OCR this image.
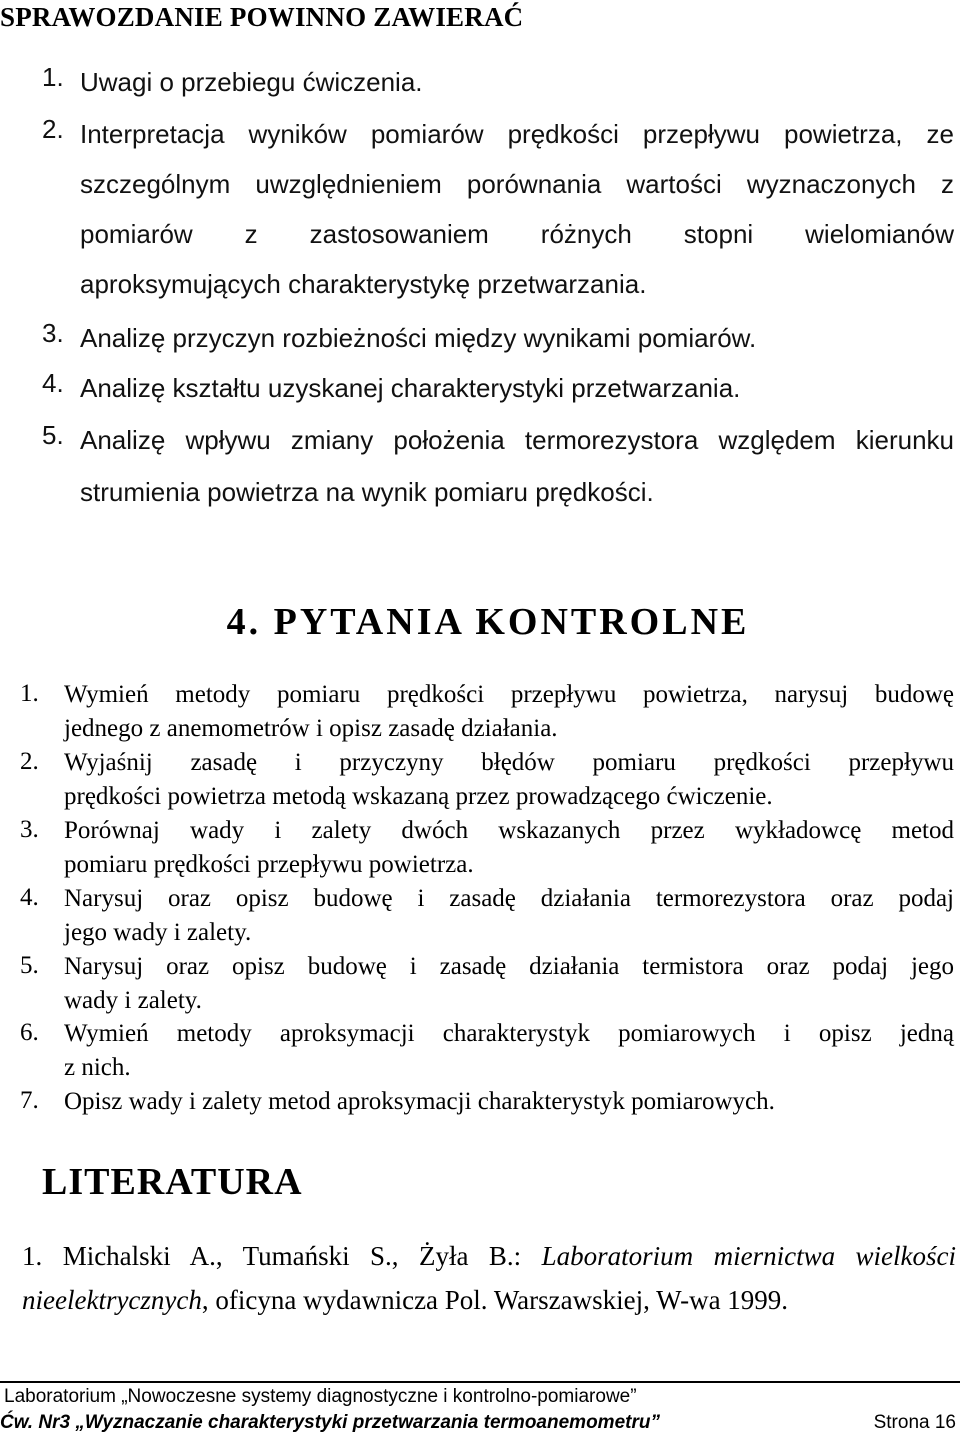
SPRAWOZDANIE POWINNO ZAWIERAĆ
1. Uwagi o przebiegu ćwiczenia.
2. Interpretacja wyników pomiarów prędkości przepływu powietrza, ze
szczególnym uwzględnieniem porównania wartości wyznaczonych z
pomiarów z zastosowaniem różnych stopni wielomianów
aproksymujących charakterystykę przetwarzania.
3. Analizę przyczyn rozbieżności między wynikami pomiarów.
4. Analizę kształtu uzyskanej charakterystyki przetwarzania.
5. Analizę wpływu zmiany położenia termorezystora względem kierunku
strumienia powietrza na wynik pomiaru prędkości.
4. PYTANIA KONTROLNE
1. Wymień metody pomiaru prędkości przepływu powietrza, narysuj budowę
jednego z anemometrów i opisz zasadę działania.
2. Wyjaśnij zasadę i przyczyny błędów pomiaru prędkości przepływu
prędkości powietrza metodą wskazaną przez prowadzącego ćwiczenie.
3. Porównaj wady i zalety dwóch wskazanych przez wykładowcę metod
pomiaru prędkości przepływu powietrza.
4. Narysuj oraz opisz budowę i zasadę działania termorezystora oraz podaj
jego wady i zalety.
5. Narysuj oraz opisz budowę i zasadę działania termistora oraz podaj jego
wady i zalety.
6. Wymień metody aproksymacji charakterystyk pomiarowych i opisz jedną
z nich.
7. Opisz wady i zalety metod aproksymacji charakterystyk pomiarowych.
LITERATURA
1. Michalski A., Tumański S., Żyła B.: Laboratorium miernictwa wielkości
nieelektrycznych, oficyna wydawnicza Pol. Warszawskiej, W-wa 1999.
Laboratorium „Nowoczesne systemy diagnostyczne i kontrolno-pomiarowe”
Ćw. Nr3 „Wyznaczanie charakterystyki przetwarzania termoanemometru”	Strona 16
